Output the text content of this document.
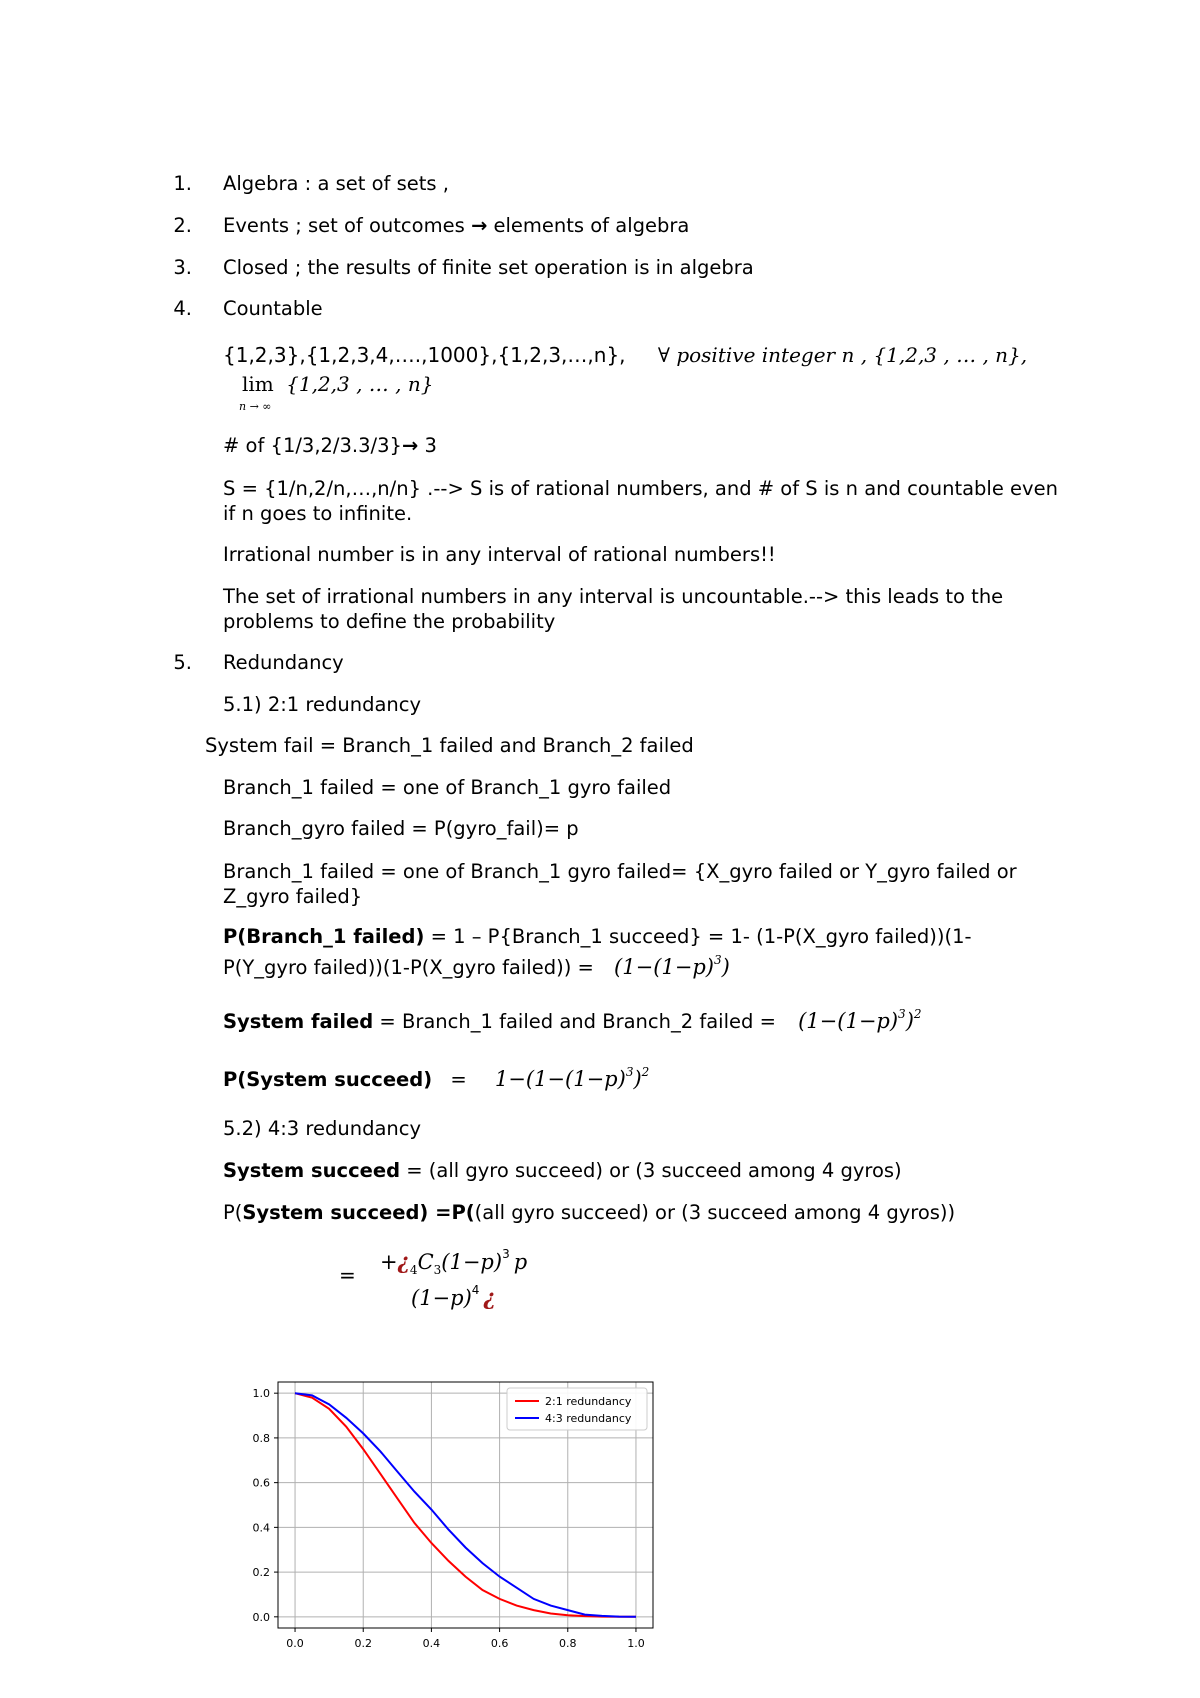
1. Algebra : a set of sets ,
2. Events ; set of outcomes → elements of algebra
3. Closed ; the results of finite set operation is in algebra
4. Countable
{1,2,3},{1,2,3,4,….,1000},{1,2,3,…,n}, ∀ positive integer n , {1,2,3 , … , n},
lim {1,2,3 , … , n}
n → ∞
# of {1/3,2/3.3/3}→ 3
S = {1/n,2/n,…,n/n} .--> S is of rational numbers, and # of S is n and countable even if n goes to infinite.
Irrational number is in any interval of rational numbers!!
The set of irrational numbers in any interval is uncountable.--> this leads to the problems to define the probability
5. Redundancy
5.1) 2:1 redundancy
System fail = Branch_1 failed and Branch_2 failed
Branch_1 failed = one of Branch_1 gyro failed
Branch_gyro failed = P(gyro_fail)= p
Branch_1 failed = one of Branch_1 gyro failed= {X_gyro failed or Y_gyro failed or Z_gyro failed}
P(Branch_1 failed) = 1 – P{Branch_1 succeed} = 1- (1-P(X_gyro failed))(1-
P(Y_gyro failed))(1-P(X_gyro failed)) = $(1-(1-p)^3)$
System failed = Branch_1 failed and Branch_2 failed = $(1-(1-p)^3)^2$
P(System succeed) = $1-(1-(1-p)^3)^2$
5.2) 4:3 redundancy
System succeed = (all gyro succeed) or (3 succeed among 4 gyros)
P(System succeed) =P((all gyro succeed) or (3 succeed among 4 gyros))
=
$+¿_4C_3(1-p)^3$ p
$(1-p)^4$ ¿
0.0	0.2	0.4	0.6	0.8	1.0
0.0
0.2
0.4
0.6
0.8
1.0
2:1 redundancy
4:3 redundancy
